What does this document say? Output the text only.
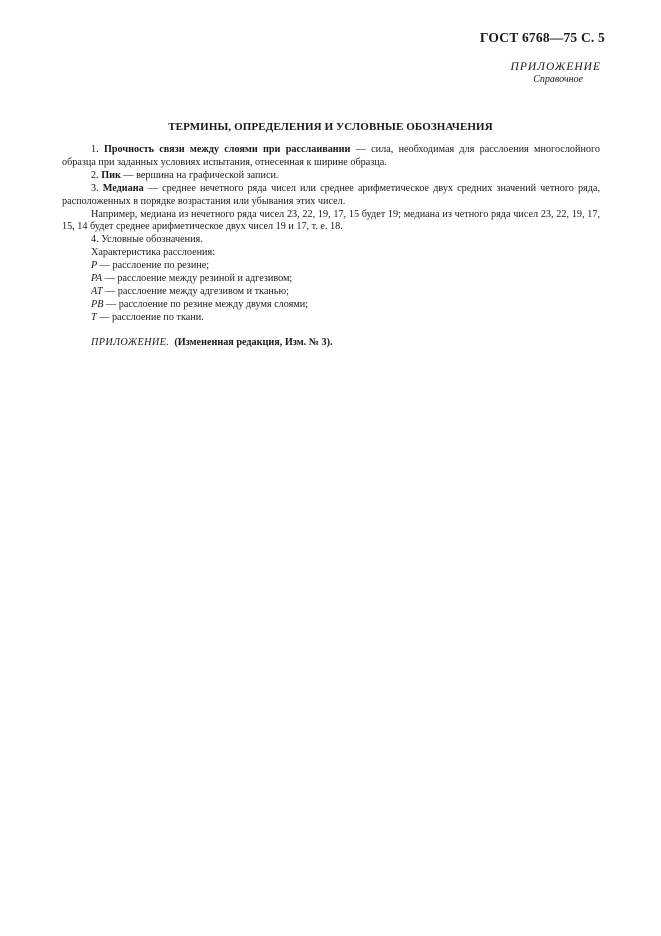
ГОСТ 6768—75 С. 5
ПРИЛОЖЕНИЕ
Справочное
ТЕРМИНЫ, ОПРЕДЕЛЕНИЯ И УСЛОВНЫЕ ОБОЗНАЧЕНИЯ

1. Прочность связи между слоями при расслаивании — сила, необходимая для расслоения многослойного образца при заданных условиях испытания, отнесенная к ширине образца.

2. Пик — вершина на графической записи.

3. Медиана — среднее нечетного ряда чисел или среднее арифметическое двух средних значений четного ряда, расположенных в порядке возрастания или убывания этих чисел.

Например, медиана из нечетного ряда чисел 23, 22, 19, 17, 15 будет 19; медиана из четного ряда чисел 23, 22, 19, 17, 15, 14 будет среднее арифметическое двух чисел 19 и 17, т. е. 18.

4. Условные обозначения.

Характеристика расслоения:

P — расслоение по резине;

PA — расслоение между резиной и адгезивом;

AT — расслоение между адгезивом и тканью;

PB — расслоение по резине между двумя слоями;

T — расслоение по ткани.

ПРИЛОЖЕНИЕ. (Измененная редакция, Изм. № 3).
